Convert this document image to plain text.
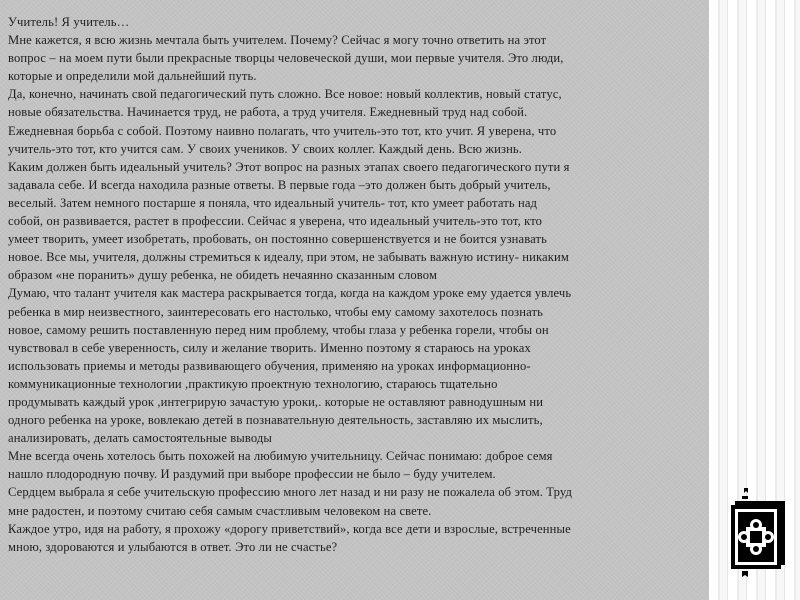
Учитель! Я учитель…
Мне кажется, я всю жизнь мечтала быть учителем. Почему? Сейчас я могу точно ответить на этот
вопрос – на моем пути были прекрасные творцы человеческой души, мои первые учителя. Это люди,
которые и определили мой дальнейший путь.
Да, конечно, начинать свой педагогический путь сложно. Все новое: новый коллектив, новый статус,
новые обязательства. Начинается труд, не работа, а труд учителя. Ежедневный труд над собой.
Ежедневная борьба с собой. Поэтому наивно полагать, что учитель-это тот, кто учит. Я уверена, что
учитель-это тот, кто учится сам. У своих учеников. У своих коллег. Каждый день. Всю жизнь.
Каким должен быть идеальный учитель? Этот вопрос на разных этапах своего педагогического пути я
задавала себе. И всегда находила разные ответы. В первые года –это должен быть добрый учитель,
веселый. Затем немного постарше я поняла, что идеальный учитель- тот, кто умеет работать над
собой, он развивается, растет в профессии. Сейчас я уверена, что идеальный учитель-это тот, кто
умеет творить, умеет изобретать, пробовать, он постоянно совершенствуется и не боится узнавать
новое. Все мы, учителя, должны стремиться к идеалу, при этом, не забывать важную истину- никаким
образом «не поранить» душу ребенка, не обидеть нечаянно сказанным словом
Думаю, что талант учителя как мастера раскрывается тогда, когда на каждом уроке ему удается увлечь
ребенка в мир неизвестного, заинтересовать его настолько, чтобы ему самому захотелось познать
новое, самому решить поставленную перед ним проблему, чтобы глаза у ребенка горели, чтобы он
чувствовал в себе уверенность, силу и желание творить. Именно поэтому я стараюсь на уроках
использовать приемы и методы развивающего обучения, применяю на уроках информационно-
коммуникационные технологии ,практикую проектную технологию, стараюсь тщательно
продумывать каждый урок ,интегрирую зачастую уроки,. которые не оставляют равнодушным ни
одного ребенка на уроке, вовлекаю детей в познавательную деятельность, заставляю их мыслить,
анализировать, делать самостоятельные выводы
Мне всегда очень хотелось быть похожей на любимую учительницу. Сейчас понимаю: доброе семя
нашло плодородную почву. И раздумий при выборе профессии не было – буду учителем.
Сердцем выбрала я себе учительскую профессию много лет назад и ни разу не пожалела об этом. Труд
мне радостен, и поэтому считаю себя самым счастливым человеком на свете.
Каждое утро, идя на работу, я прохожу «дорогу приветствий», когда все дети и взрослые, встреченные
мною, здороваются и улыбаются в ответ. Это ли не счастье?
